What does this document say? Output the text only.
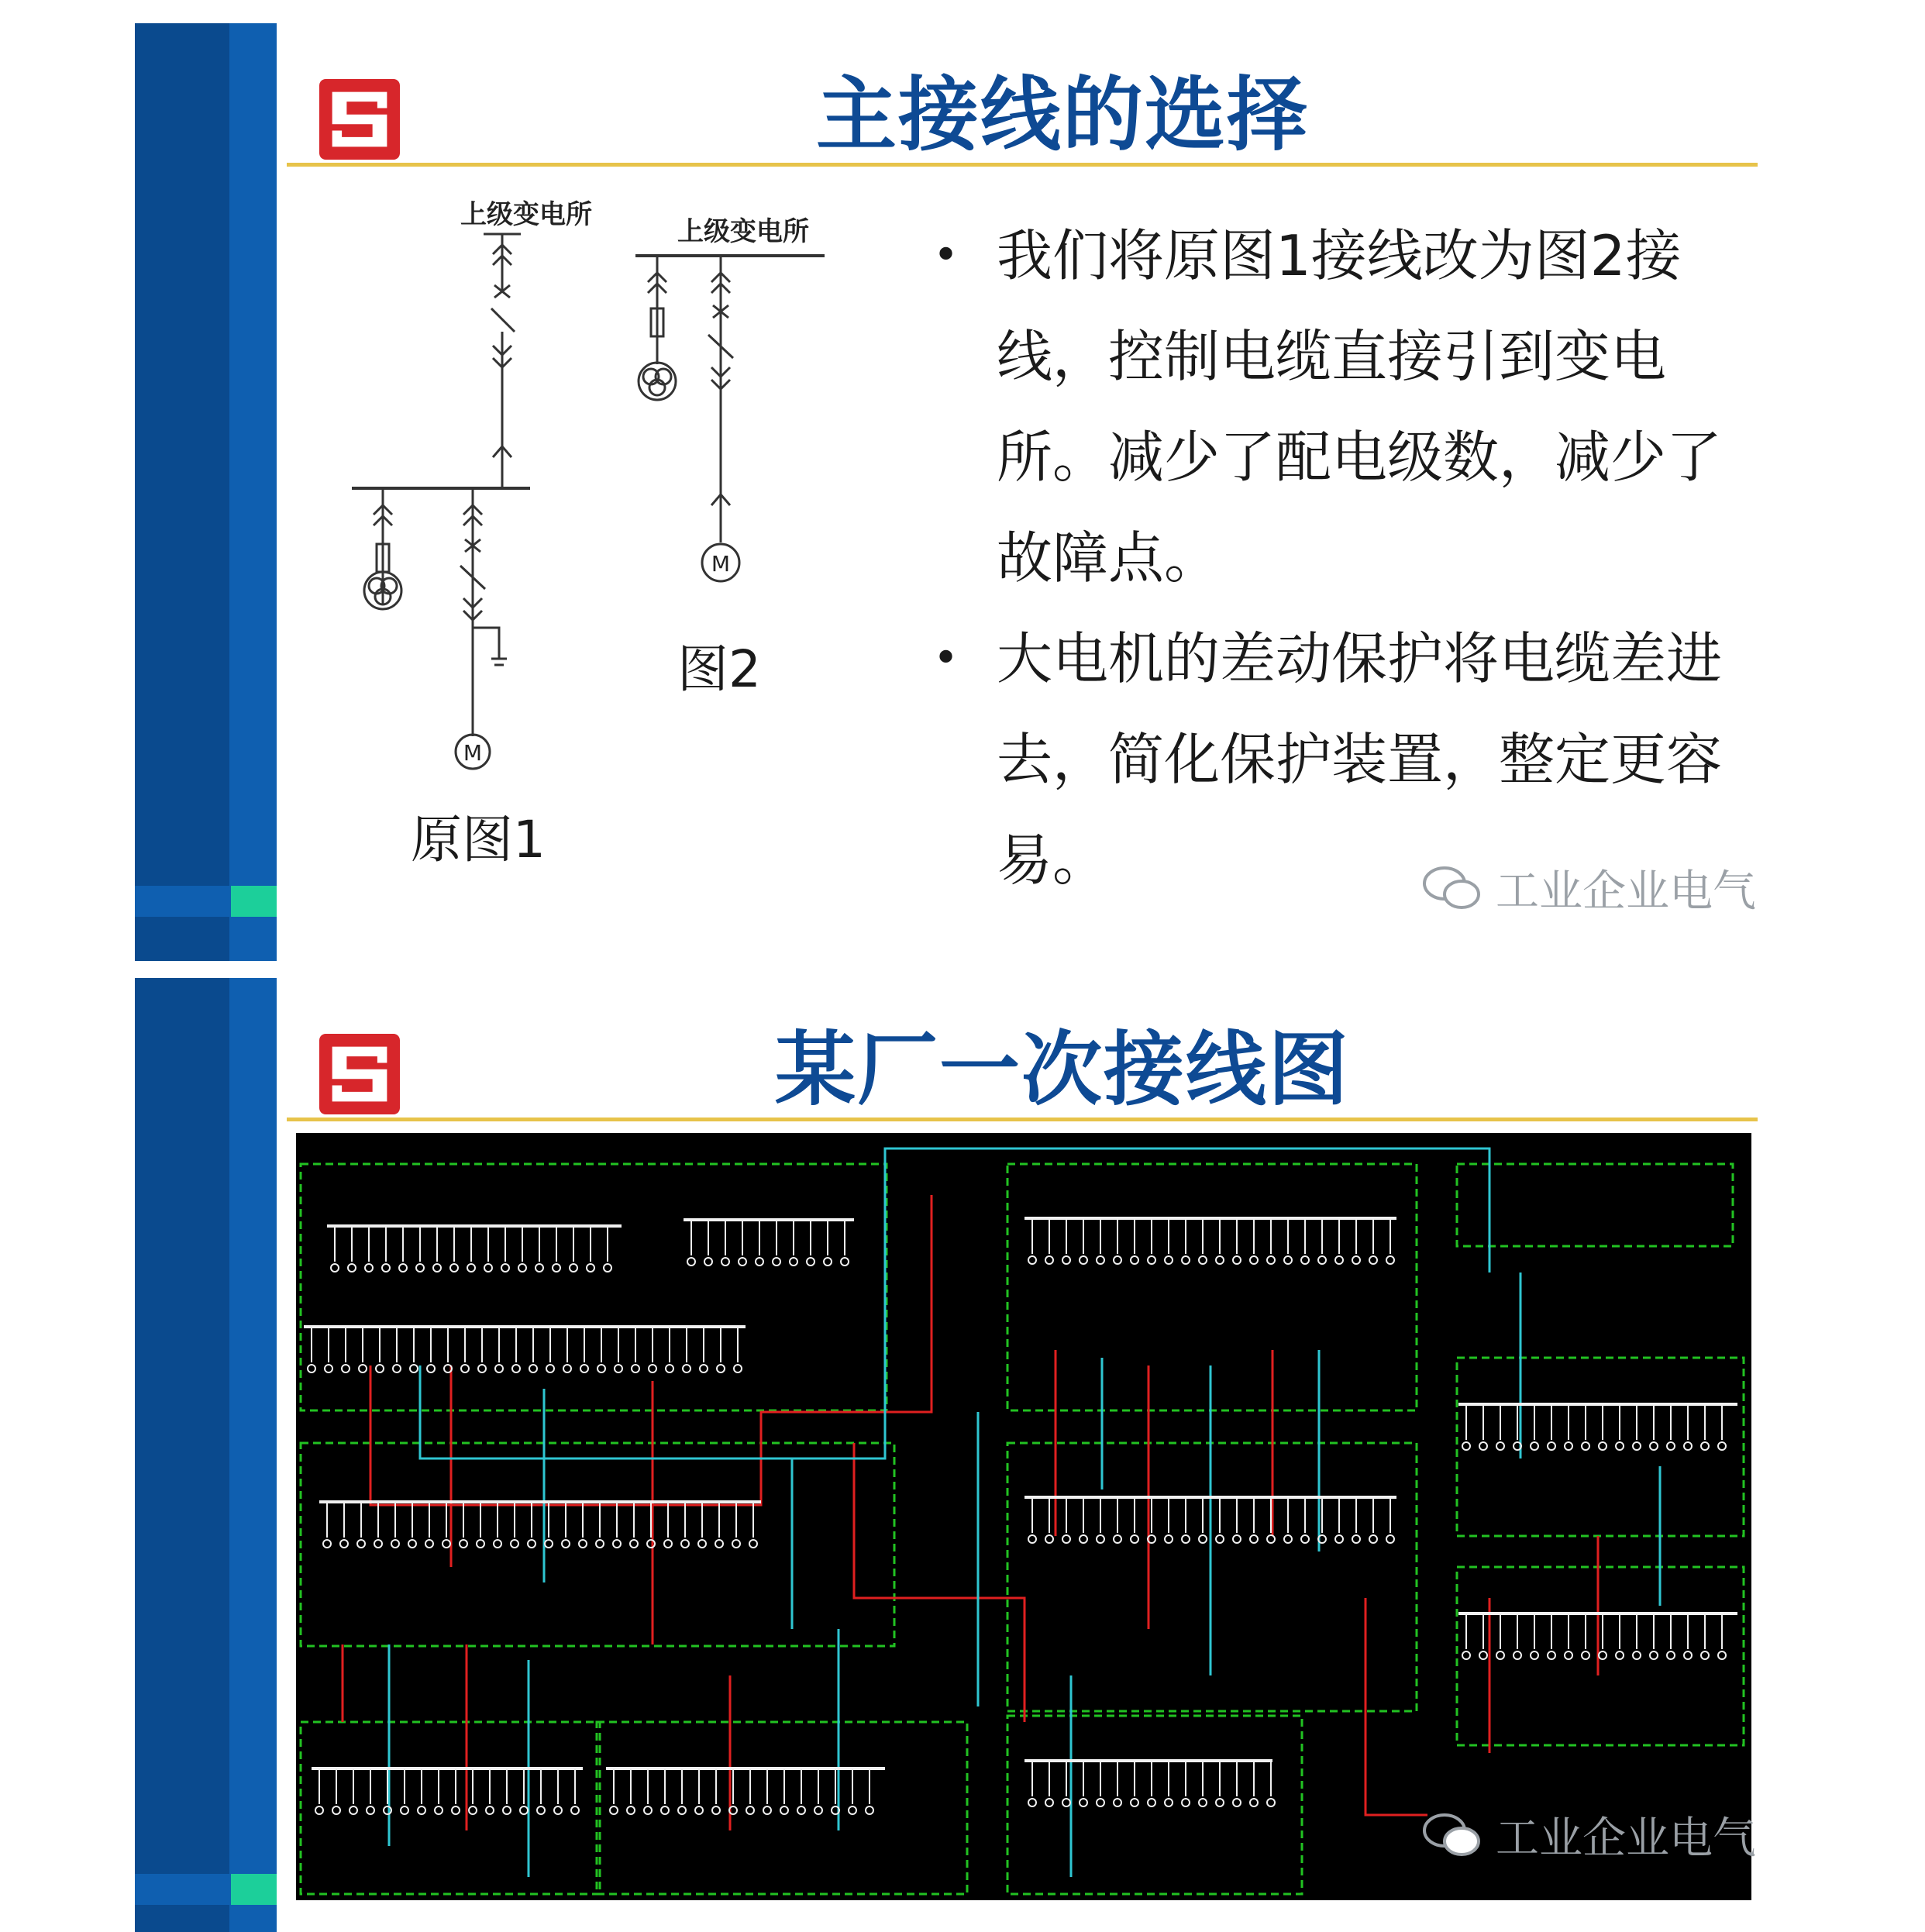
主接线的选择
上级变电所
M
原图1
上级变电所
M
图2
• 我们将原图1接线改为图2接线，控制电缆直接引到变电所。减少了配电级数，减少了故障点。
• 大电机的差动保护将电缆差进去，简化保护装置，整定更容易。	工业企业电气
某厂一次接线图
工业企业电气
